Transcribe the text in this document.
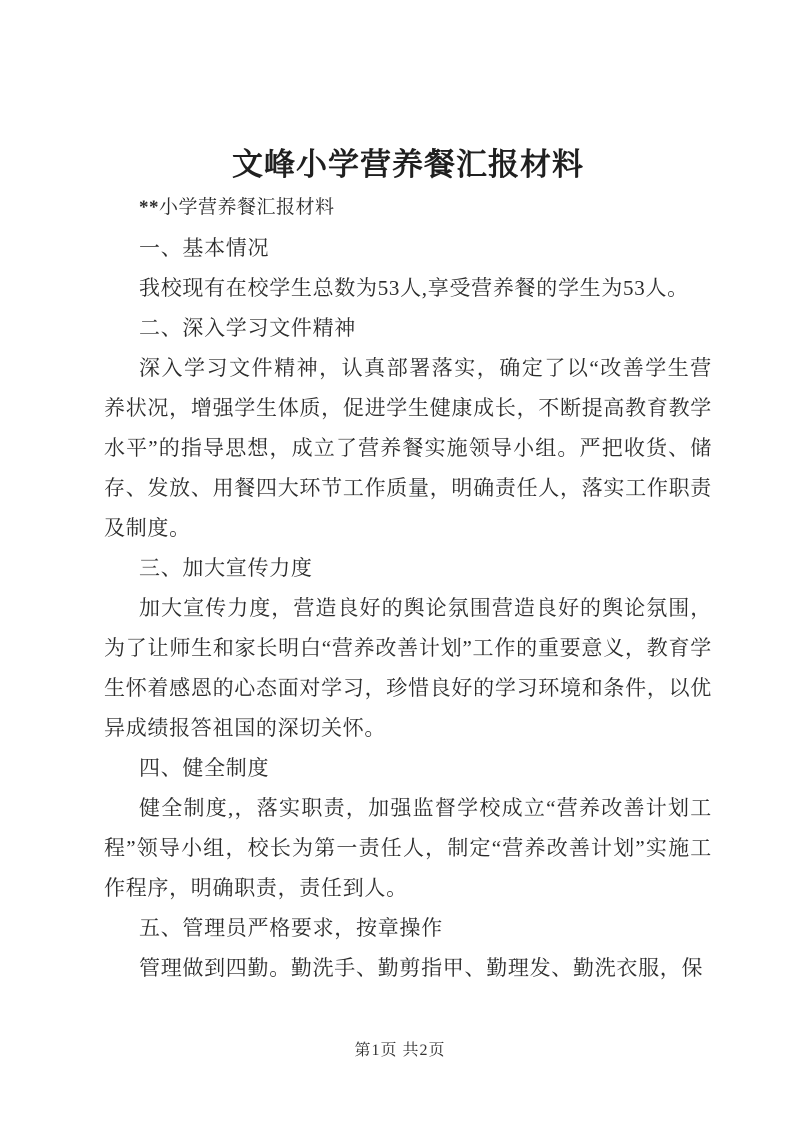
文峰小学营养餐汇报材料

**小学营养餐汇报材料

一、基本情况

我校现有在校学生总数为53人,享受营养餐的学生为53人。

二、深入学习文件精神

深入学习文件精神，认真部署落实，确定了以“改善学生营养状况，增强学生体质，促进学生健康成长，不断提高教育教学水平”的指导思想，成立了营养餐实施领导小组。严把收货、储存、发放、用餐四大环节工作质量，明确责任人，落实工作职责及制度。

三、加大宣传力度

加大宣传力度，营造良好的舆论氛围营造良好的舆论氛围，为了让师生和家长明白“营养改善计划”工作的重要意义，教育学生怀着感恩的心态面对学习，珍惜良好的学习环境和条件，以优异成绩报答祖国的深切关怀。

四、健全制度

健全制度,，落实职责，加强监督学校成立“营养改善计划工程”领导小组，校长为第一责任人，制定“营养改善计划”实施工作程序，明确职责，责任到人。

五、管理员严格要求，按章操作

管理做到四勤。勤洗手、勤剪指甲、勤理发、勤洗衣服，保

第1页 共2页
